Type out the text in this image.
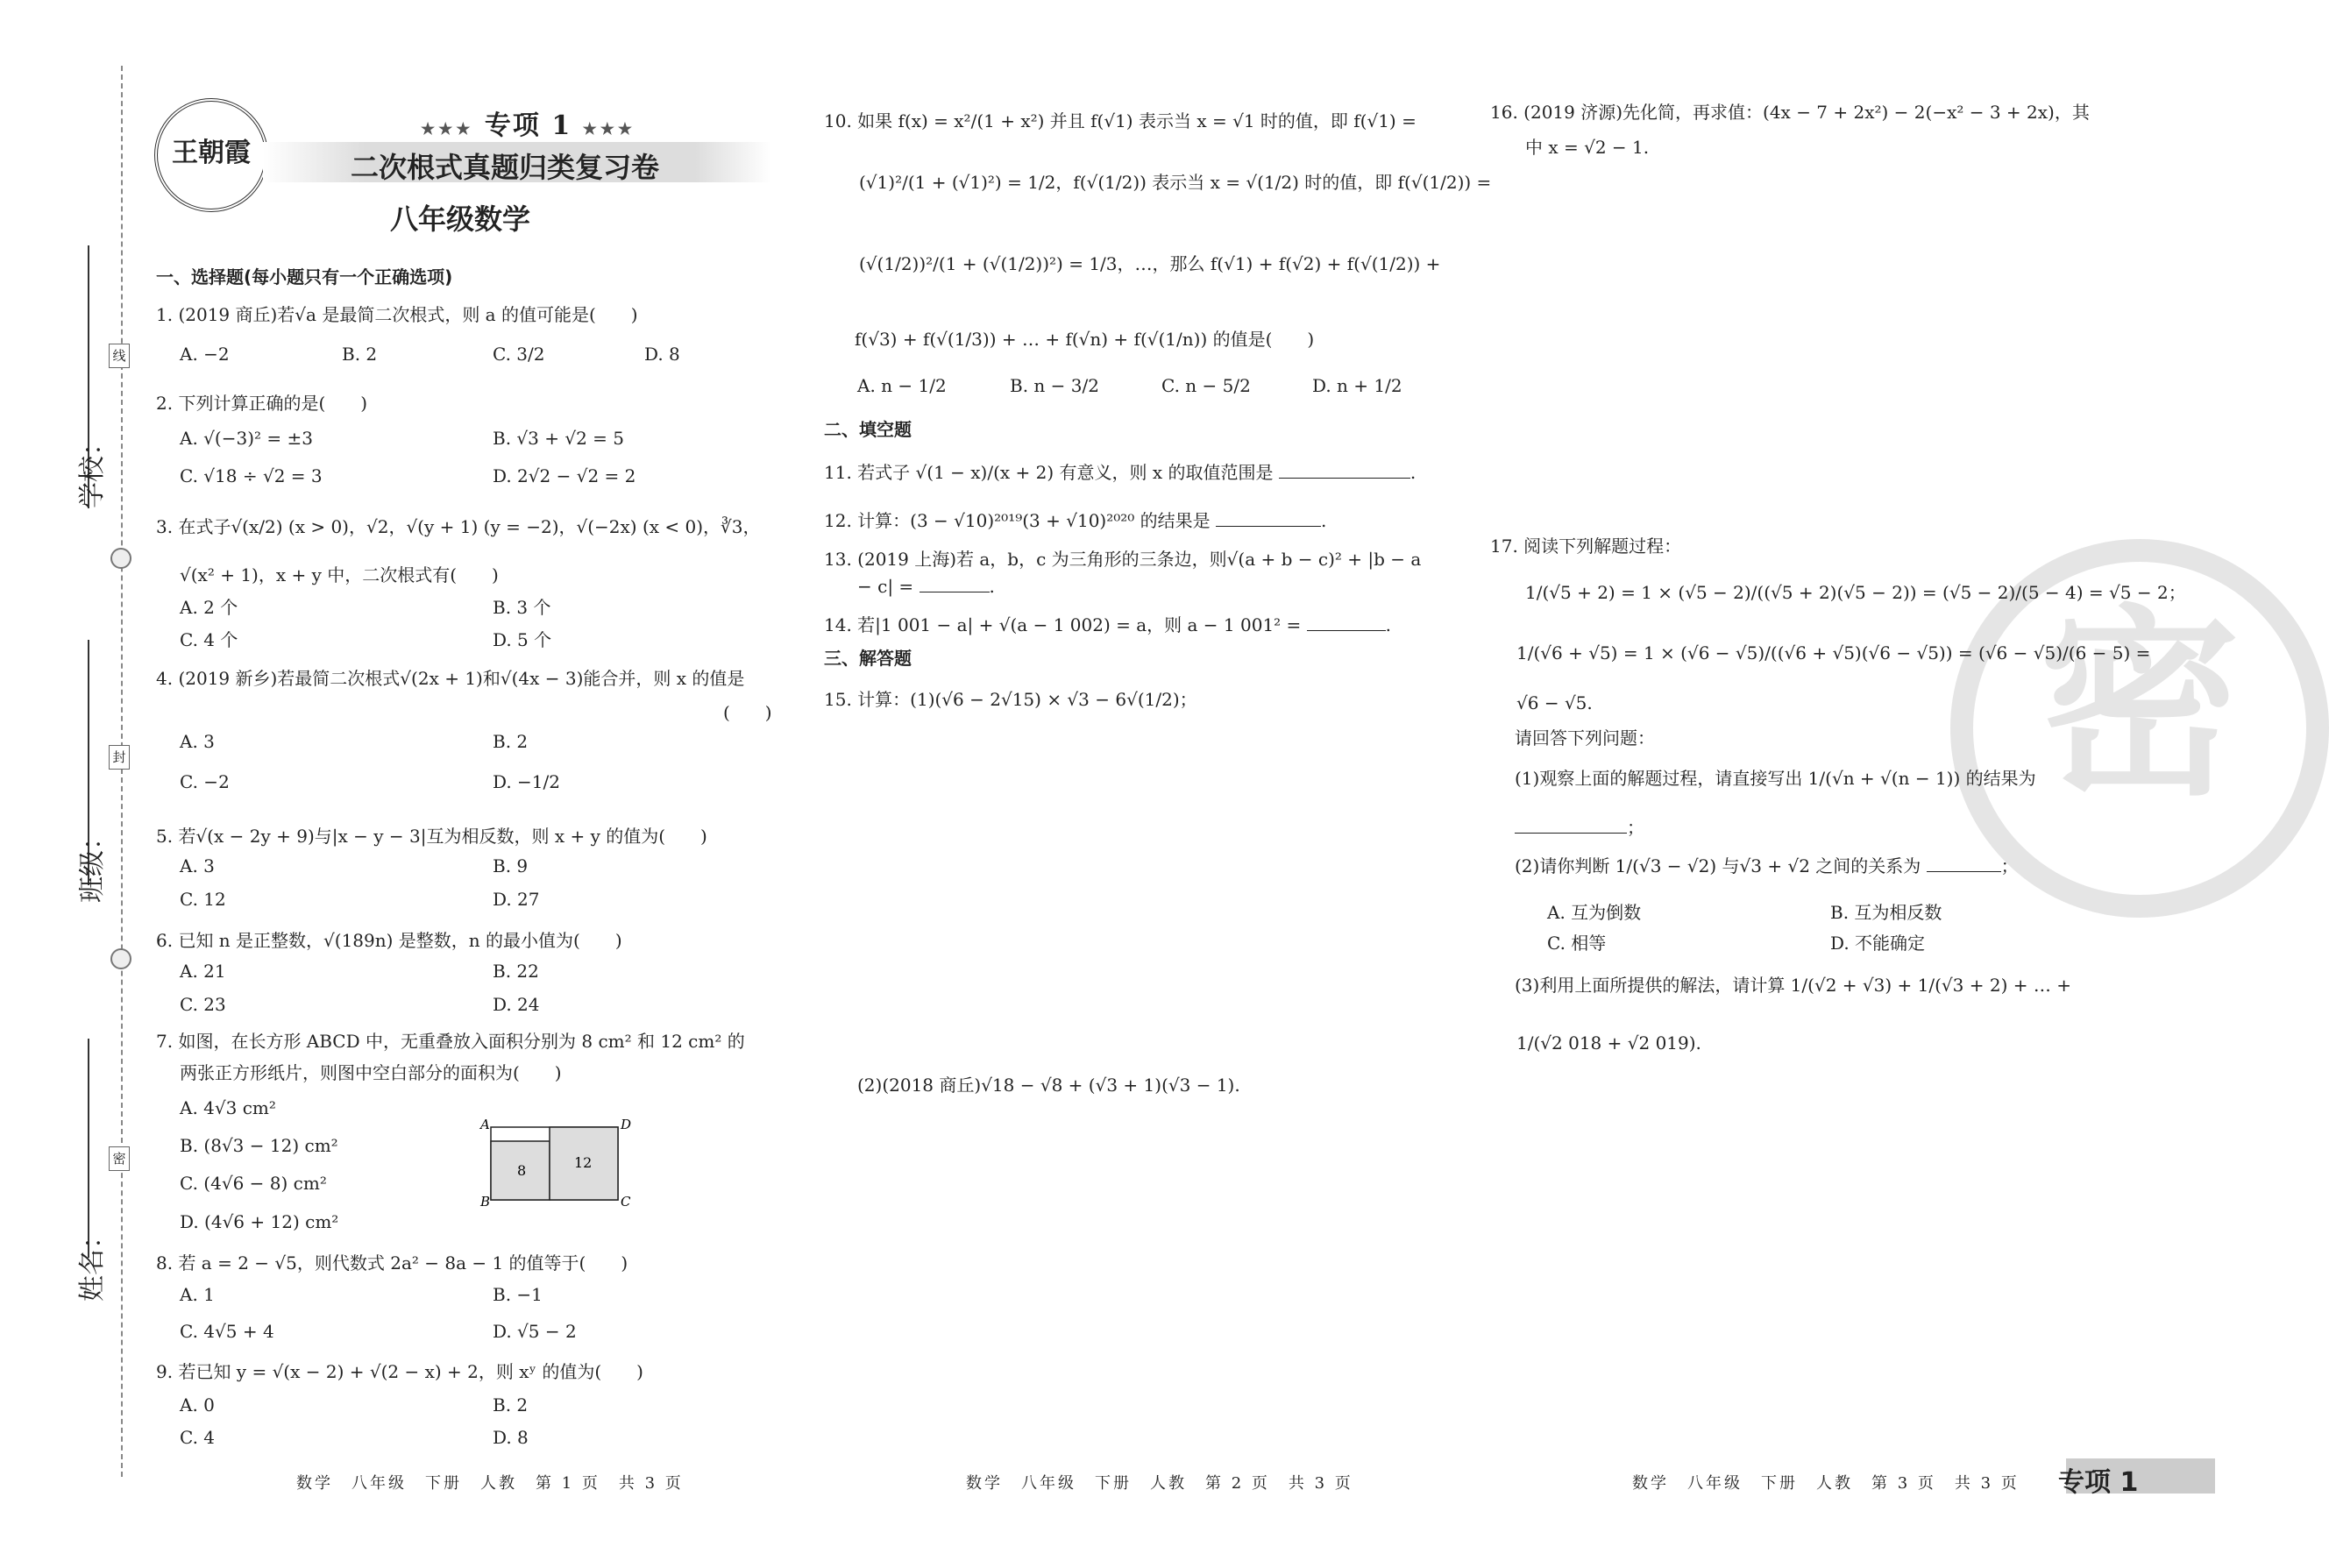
学校：
班级：
姓名：
线
封
密
王朝霞
★★★ 专项 1 ★★★
二次根式真题归类复习卷
八年级数学
一、选择题(每小题只有一个正确选项)
1. (2019 商丘)若√a 是最简二次根式，则 a 的值可能是(　　)
A. −2	B. 2	C. 3/2	D. 8
2. 下列计算正确的是(　　)
A. √(−3)² = ±3	B. √3 + √2 = 5
C. √18 ÷ √2 = 3	D. 2√2 − √2 = 2
3. 在式子√(x/2) (x > 0)，√2，√(y + 1) (y = −2)，√(−2x) (x < 0)，∛3，
√(x² + 1)，x + y 中，二次根式有(　　)
A. 2 个	B. 3 个
C. 4 个	D. 5 个
4. (2019 新乡)若最简二次根式√(2x + 1)和√(4x − 3)能合并，则 x 的值是
(　　)
A. 3	B. 2
C. −2	D. −1/2
5. 若√(x − 2y + 9)与|x − y − 3|互为相反数，则 x + y 的值为(　　)
A. 3	B. 9
C. 12	D. 27
6. 已知 n 是正整数，√(189n) 是整数，n 的最小值为(　　)
A. 21	B. 22
C. 23	D. 24
7. 如图，在长方形 ABCD 中，无重叠放入面积分别为 8 cm² 和 12 cm² 的
两张正方形纸片，则图中空白部分的面积为(　　)
A. 4√3 cm²
B. (8√3 − 12) cm²
C. (4√6 − 8) cm²
D. (4√6 + 12) cm²
A	D
B	C
8	12
8. 若 a = 2 − √5，则代数式 2a² − 8a − 1 的值等于(　　)
A. 1	B. −1
C. 4√5 + 4	D. √5 − 2
9. 若已知 y = √(x − 2) + √(2 − x) + 2，则 xʸ 的值为(　　)
A. 0	B. 2
C. 4	D. 8
10. 如果 f(x) = x²/(1 + x²) 并且 f(√1) 表示当 x = √1 时的值，即 f(√1) =
(√1)²/(1 + (√1)²) = 1/2，f(√(1/2)) 表示当 x = √(1/2) 时的值，即 f(√(1/2)) =
(√(1/2))²/(1 + (√(1/2))²) = 1/3，…，那么 f(√1) + f(√2) + f(√(1/2)) +
f(√3) + f(√(1/3)) + … + f(√n) + f(√(1/n)) 的值是(　　)
A. n − 1/2	B. n − 3/2	C. n − 5/2	D. n + 1/2
二、填空题
11. 若式子 √(1 − x)/(x + 2) 有意义，则 x 的取值范围是	.
12. 计算：(3 − √10)²⁰¹⁹(3 + √10)²⁰²⁰ 的结果是	.
13. (2019 上海)若 a，b，c 为三角形的三条边，则√(a + b − c)² + |b − a
− c| =	.
14. 若|1 001 − a| + √(a − 1 002) = a，则 a − 1 001² =	.
三、解答题
15. 计算：(1)(√6 − 2√15) × √3 − 6√(1/2)；
(2)(2018 商丘)√18 − √8 + (√3 + 1)(√3 − 1).
16. (2019 济源)先化简，再求值：(4x − 7 + 2x²) − 2(−x² − 3 + 2x)，其
中 x = √2 − 1.
密
17. 阅读下列解题过程：
1/(√5 + 2) = 1 × (√5 − 2)/((√5 + 2)(√5 − 2)) = (√5 − 2)/(5 − 4) = √5 − 2；
1/(√6 + √5) = 1 × (√6 − √5)/((√6 + √5)(√6 − √5)) = (√6 − √5)/(6 − 5) =
√6 − √5.
请回答下列问题：
(1)观察上面的解题过程，请直接写出 1/(√n + √(n − 1)) 的结果为
；
(2)请你判断 1/(√3 − √2) 与√3 + √2 之间的关系为	；
A. 互为倒数	B. 互为相反数
C. 相等	D. 不能确定
(3)利用上面所提供的解法，请计算 1/(√2 + √3) + 1/(√3 + 2) + … +
1/(√2 018 + √2 019).
数学　八年级　下册　人教　第 1 页　共 3 页	数学　八年级　下册　人教　第 2 页　共 3 页	数学　八年级　下册　人教　第 3 页　共 3 页 专项 1
